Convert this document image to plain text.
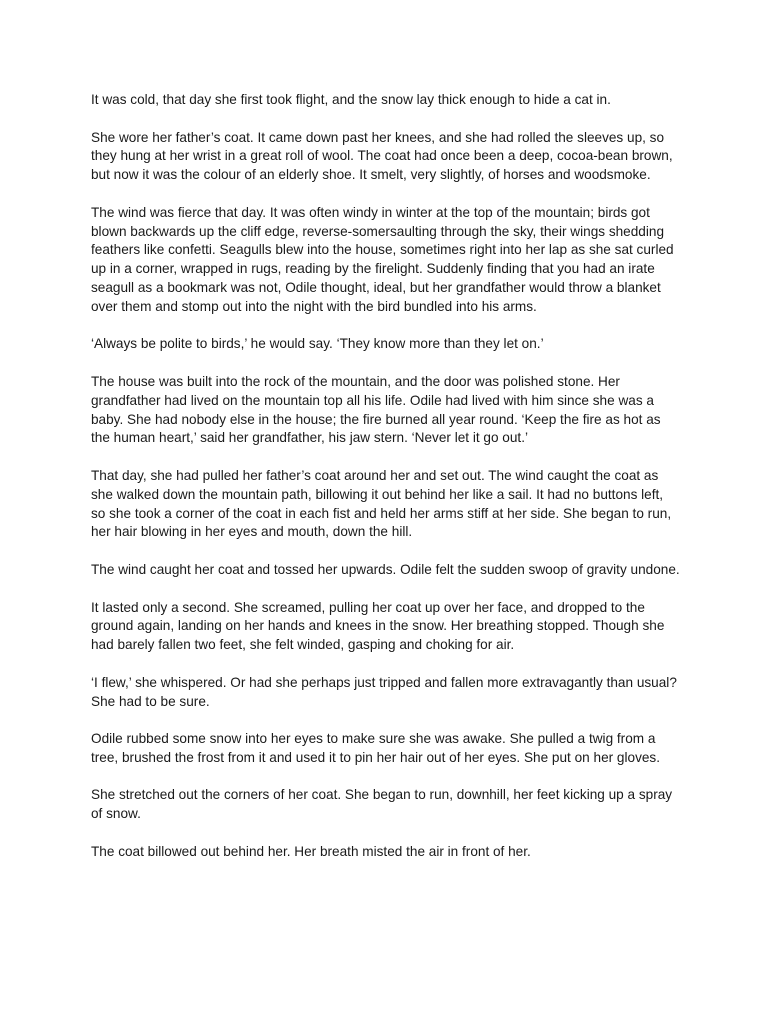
It was cold, that day she first took flight, and the snow lay thick enough to hide a cat in.

She wore her father’s coat. It came down past her knees, and she had rolled the sleeves up, so they hung at her wrist in a great roll of wool. The coat had once been a deep, cocoa-bean brown, but now it was the colour of an elderly shoe. It smelt, very slightly, of horses and woodsmoke.

The wind was fierce that day. It was often windy in winter at the top of the mountain; birds got blown backwards up the cliff edge, reverse-somersaulting through the sky, their wings shedding feathers like confetti. Seagulls blew into the house, sometimes right into her lap as she sat curled up in a corner, wrapped in rugs, reading by the firelight. Suddenly finding that you had an irate seagull as a bookmark was not, Odile thought, ideal, but her grandfather would throw a blanket over them and stomp out into the night with the bird bundled into his arms.

‘Always be polite to birds,’ he would say. ‘They know more than they let on.’

The house was built into the rock of the mountain, and the door was polished stone. Her grandfather had lived on the mountain top all his life. Odile had lived with him since she was a baby. She had nobody else in the house; the fire burned all year round. ‘Keep the fire as hot as the human heart,’ said her grandfather, his jaw stern. ‘Never let it go out.’

That day, she had pulled her father’s coat around her and set out. The wind caught the coat as she walked down the mountain path, billowing it out behind her like a sail. It had no buttons left, so she took a corner of the coat in each fist and held her arms stiff at her side. She began to run, her hair blowing in her eyes and mouth, down the hill.

The wind caught her coat and tossed her upwards. Odile felt the sudden swoop of gravity undone.

It lasted only a second. She screamed, pulling her coat up over her face, and dropped to the ground again, landing on her hands and knees in the snow. Her breathing stopped. Though she had barely fallen two feet, she felt winded, gasping and choking for air.

‘I flew,’ she whispered. Or had she perhaps just tripped and fallen more extravagantly than usual? She had to be sure.

Odile rubbed some snow into her eyes to make sure she was awake. She pulled a twig from a tree, brushed the frost from it and used it to pin her hair out of her eyes. She put on her gloves.

She stretched out the corners of her coat. She began to run, downhill, her feet kicking up a spray of snow.

The coat billowed out behind her. Her breath misted the air in front of her.
